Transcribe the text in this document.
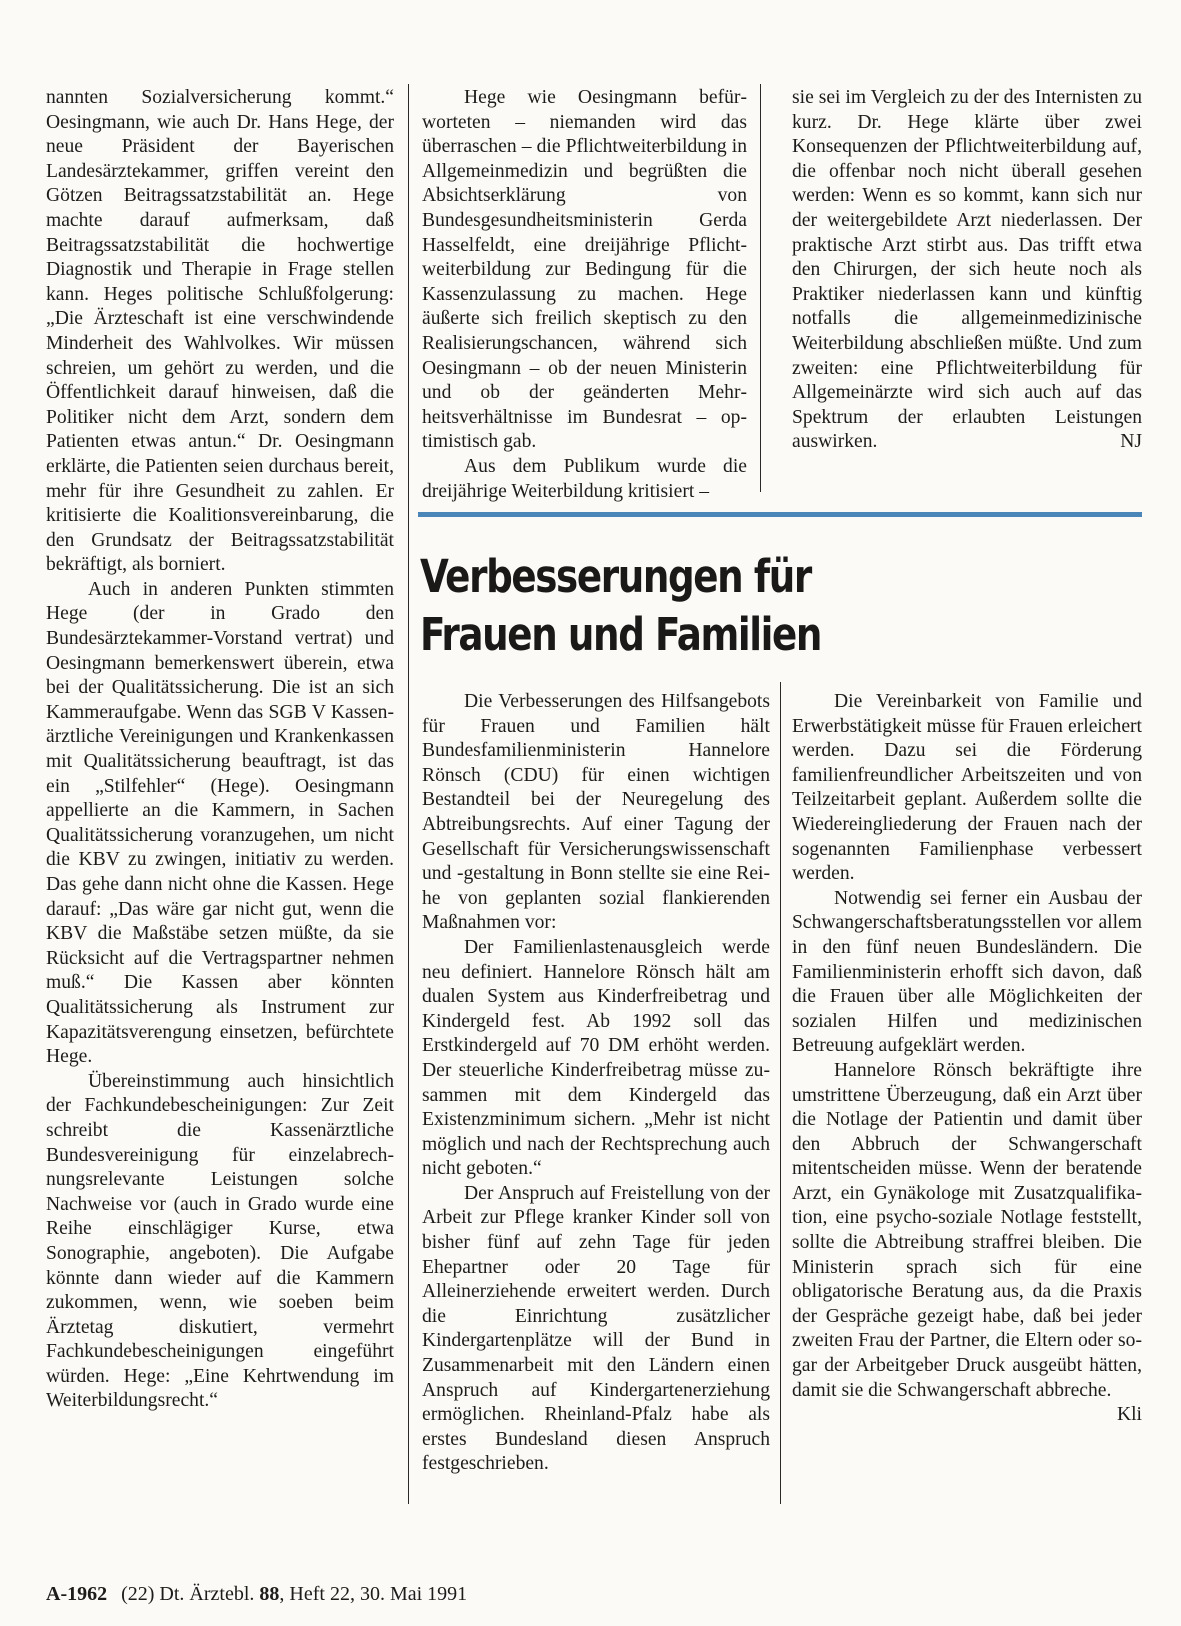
nannten Sozialversicherung kommt.“ Oesingmann, wie auch Dr. Hans Hege, der neue Präsident der Bayerischen Landesärztekammer, griffen vereint den Götzen Beitragssatzstabilität an. Hege machte darauf aufmerksam, daß Beitragssatzstabilität die hochwertige Diagnostik und Therapie in Frage stellen kann. Heges politische Schlußfolgerung: „Die Ärzteschaft ist eine verschwindende Minderheit des Wahlvolkes. Wir müssen schreien, um gehört zu werden, und die Öffentlichkeit darauf hinweisen, daß die Politiker nicht dem Arzt, sondern dem Patienten etwas antun.“ Dr. Oesingmann erklärte, die Patienten seien durchaus bereit, mehr für ihre Gesundheit zu zahlen. Er kritisierte die Koalitionsvereinbarung, die den Grundsatz der Beitragssatzstabilität bekräftigt, als borniert.

Auch in anderen Punkten stimmten Hege (der in Grado den Bundesärztekammer-Vorstand vertrat) und Oesingmann bemerkenswert überein, etwa bei der Qualitätssicherung. Die ist an sich Kammeraufgabe. Wenn das SGB V Kassenärztliche Vereinigungen und Krankenkassen mit Qualitätssicherung beauftragt, ist das ein „Stilfehler“ (Hege). Oesingmann appellierte an die Kammern, in Sachen Qualitätssicherung voranzugehen, um nicht die KBV zu zwingen, initiativ zu werden. Das gehe dann nicht ohne die Kassen. Hege darauf: „Das wäre gar nicht gut, wenn die KBV die Maßstäbe setzen müßte, da sie Rücksicht auf die Vertragspartner nehmen muß.“ Die Kassen aber könnten Qualitätssicherung als Instrument zur Kapazitätsverengung einsetzen, befürchtete Hege.

Übereinstimmung auch hinsichtlich der Fachkundebescheinigungen: Zur Zeit schreibt die Kassenärztliche Bundesvereinigung für einzelabrechnungsrelevante Leistungen solche Nachweise vor (auch in Grado wurde eine Reihe einschlägiger Kurse, etwa Sonographie, angeboten). Die Aufgabe könnte dann wieder auf die Kammern zukommen, wenn, wie soeben beim Ärztetag diskutiert, vermehrt Fachkundebescheinigungen eingeführt würden. Hege: „Eine Kehrtwendung im Weiterbildungsrecht.“

Hege wie Oesingmann befürworteten – niemanden wird das überraschen – die Pflichtweiterbildung in Allgemeinmedizin und begrüßten die Absichtserklärung von Bundesgesundheitsministerin Gerda Hasselfeldt, eine dreijährige Pflichtweiterbildung zur Bedingung für die Kassenzulassung zu machen. Hege äußerte sich freilich skeptisch zu den Realisierungschancen, während sich Oesingmann – ob der neuen Ministerin und ob der geänderten Mehrheitsverhältnisse im Bundesrat – optimistisch gab.

Aus dem Publikum wurde die dreijährige Weiterbildung kritisiert –

sie sei im Vergleich zu der des Internisten zu kurz. Dr. Hege klärte über zwei Konsequenzen der Pflichtweiterbildung auf, die offenbar noch nicht überall gesehen werden: Wenn es so kommt, kann sich nur der weitergebildete Arzt niederlassen. Der praktische Arzt stirbt aus. Das trifft etwa den Chirurgen, der sich heute noch als Praktiker niederlassen kann und künftig notfalls die allgemeinmedizinische Weiterbildung abschließen müßte. Und zum zweiten: eine Pflichtweiterbildung für Allgemeinärzte wird sich auch auf das Spektrum der erlaubten Leistungen auswirken.	NJ

Verbesserungen für
Frauen und Familien

Die Verbesserungen des Hilfsangebots für Frauen und Familien hält Bundesfamilienministerin Hannelore Rönsch (CDU) für einen wichtigen Bestandteil bei der Neuregelung des Abtreibungsrechts. Auf einer Tagung der Gesellschaft für Versicherungswissenschaft und -gestaltung in Bonn stellte sie eine Reihe von geplanten sozial flankierenden Maßnahmen vor:

Der Familienlastenausgleich werde neu definiert. Hannelore Rönsch hält am dualen System aus Kinderfreibetrag und Kindergeld fest. Ab 1992 soll das Erstkindergeld auf 70 DM erhöht werden. Der steuerliche Kinderfreibetrag müsse zusammen mit dem Kindergeld das Existenzminimum sichern. „Mehr ist nicht möglich und nach der Rechtsprechung auch nicht geboten.“

Der Anspruch auf Freistellung von der Arbeit zur Pflege kranker Kinder soll von bisher fünf auf zehn Tage für jeden Ehepartner oder 20 Tage für Alleinerziehende erweitert werden. Durch die Einrichtung zusätzlicher Kindergartenplätze will der Bund in Zusammenarbeit mit den Ländern einen Anspruch auf Kindergartenerziehung ermöglichen. Rheinland-Pfalz habe als erstes Bundesland diesen Anspruch festgeschrieben.

Die Vereinbarkeit von Familie und Erwerbstätigkeit müsse für Frauen erleichert werden. Dazu sei die Förderung familienfreundlicher Arbeitszeiten und von Teilzeitarbeit geplant. Außerdem sollte die Wiedereingliederung der Frauen nach der sogenannten Familienphase verbessert werden.

Notwendig sei ferner ein Ausbau der Schwangerschaftsberatungsstellen vor allem in den fünf neuen Bundesländern. Die Familienministerin erhofft sich davon, daß die Frauen über alle Möglichkeiten der sozialen Hilfen und medizinischen Betreuung aufgeklärt werden.

Hannelore Rönsch bekräftigte ihre umstrittene Überzeugung, daß ein Arzt über die Notlage der Patientin und damit über den Abbruch der Schwangerschaft mitentscheiden müsse. Wenn der beratende Arzt, ein Gynäkologe mit Zusatzqualifikation, eine psycho-soziale Notlage feststellt, sollte die Abtreibung straffrei bleiben. Die Ministerin sprach sich für eine obligatorische Beratung aus, da die Praxis der Gespräche gezeigt habe, daß bei jeder zweiten Frau der Partner, die Eltern oder sogar der Arbeitgeber Druck ausgeübt hätten, damit sie die Schwangerschaft abbreche.
Kli

A-1962 (22) Dt. Ärztebl. 88, Heft 22, 30. Mai 1991
